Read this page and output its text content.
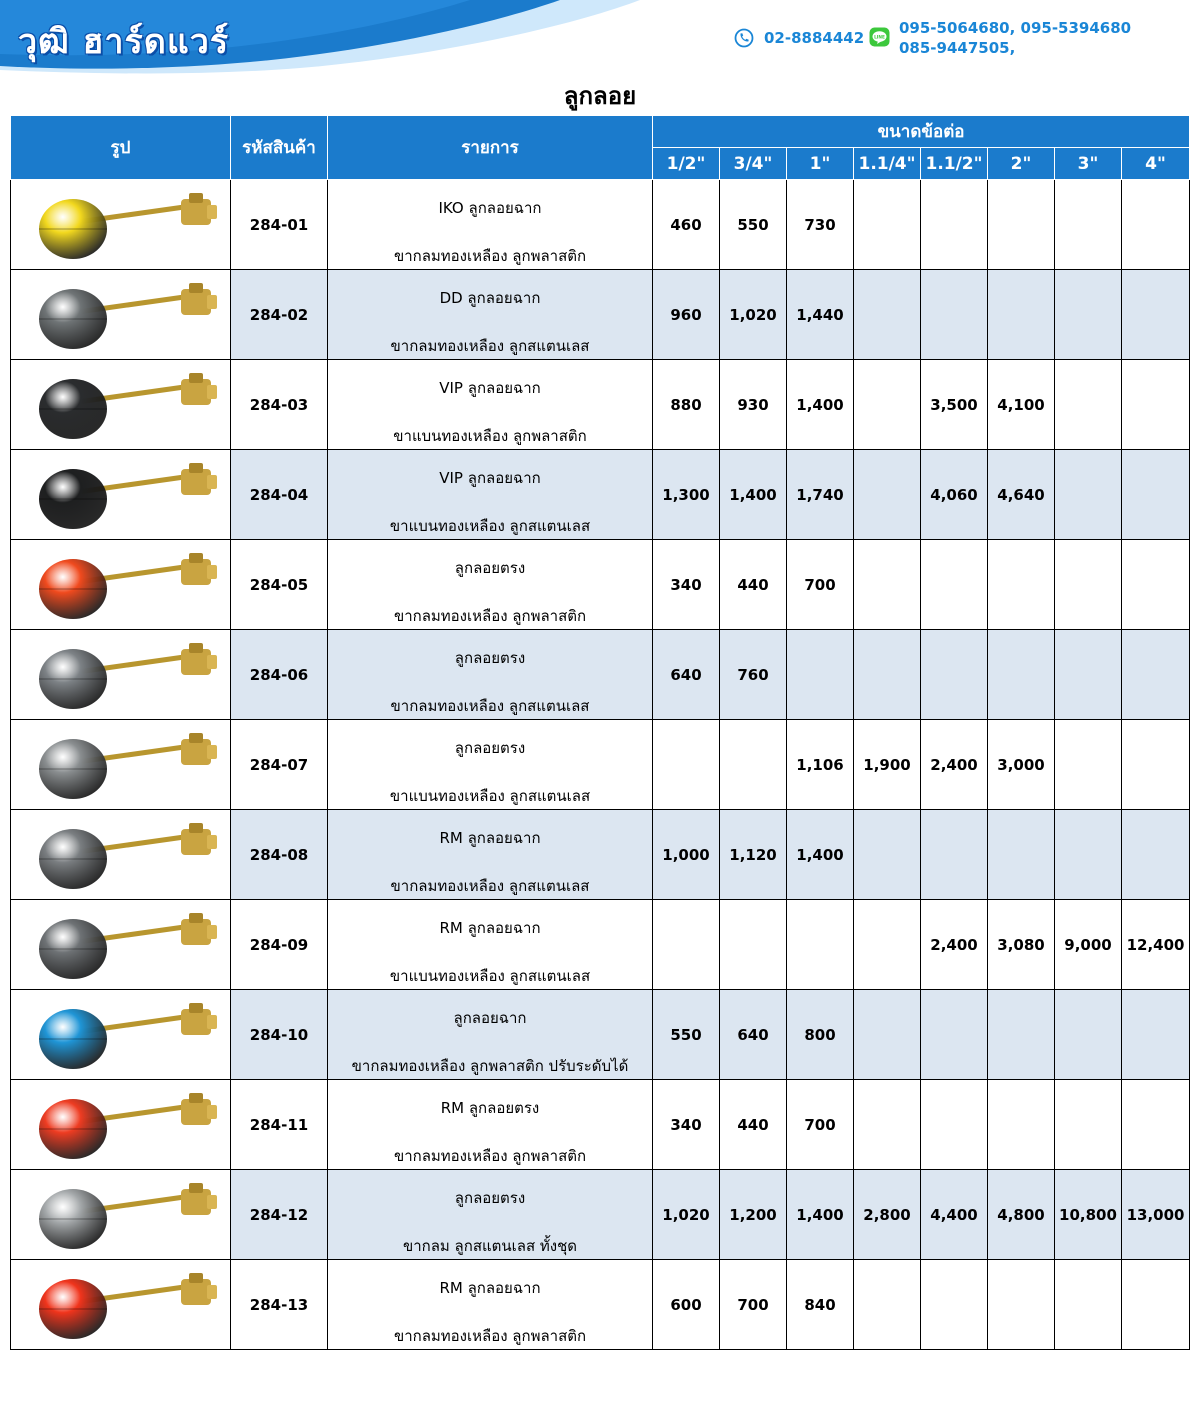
วุฒิ ฮาร์ดแวร์	02-8884442 LINE
095-5064680, 095-5394680
085-9447505,
ลูกลอย
รูป	รหัสสินค้า	รายการ	ขนาดข้อต่อ							
			1/2"	3/4"	1"	1.1/4"	1.1/2"	2"	3"	4"

	284-01	IKO ลูกลอยฉาก
ขากลมทองเหลือง ลูกพลาสติก	460	550	730					

	284-02	DD ลูกลอยฉาก
ขากลมทองเหลือง ลูกสแตนเลส	960	1,020	1,440					

	284-03	VIP ลูกลอยฉาก
ขาแบนทองเหลือง ลูกพลาสติก	880	930	1,400		3,500	4,100		

	284-04	VIP ลูกลอยฉาก
ขาแบนทองเหลือง ลูกสแตนเลส	1,300	1,400	1,740		4,060	4,640		

	284-05	ลูกลอยตรง
ขากลมทองเหลือง ลูกพลาสติก	340	440	700					

	284-06	ลูกลอยตรง
ขากลมทองเหลือง ลูกสแตนเลส	640	760						

	284-07	ลูกลอยตรง
ขาแบนทองเหลือง ลูกสแตนเลส			1,106	1,900	2,400	3,000		

	284-08	RM ลูกลอยฉาก
ขากลมทองเหลือง ลูกสแตนเลส	1,000	1,120	1,400					

	284-09	RM ลูกลอยฉาก
ขาแบนทองเหลือง ลูกสแตนเลส					2,400	3,080	9,000	12,400

	284-10	ลูกลอยฉาก
ขากลมทองเหลือง ลูกพลาสติก ปรับระดับได้	550	640	800					

	284-11	RM ลูกลอยตรง
ขากลมทองเหลือง ลูกพลาสติก	340	440	700					

	284-12	ลูกลอยตรง
ขากลม ลูกสแตนเลส ทั้งชุด	1,020	1,200	1,400	2,800	4,400	4,800	10,800	13,000

	284-13	RM ลูกลอยฉาก
ขากลมทองเหลือง ลูกพลาสติก	600	700	840					
